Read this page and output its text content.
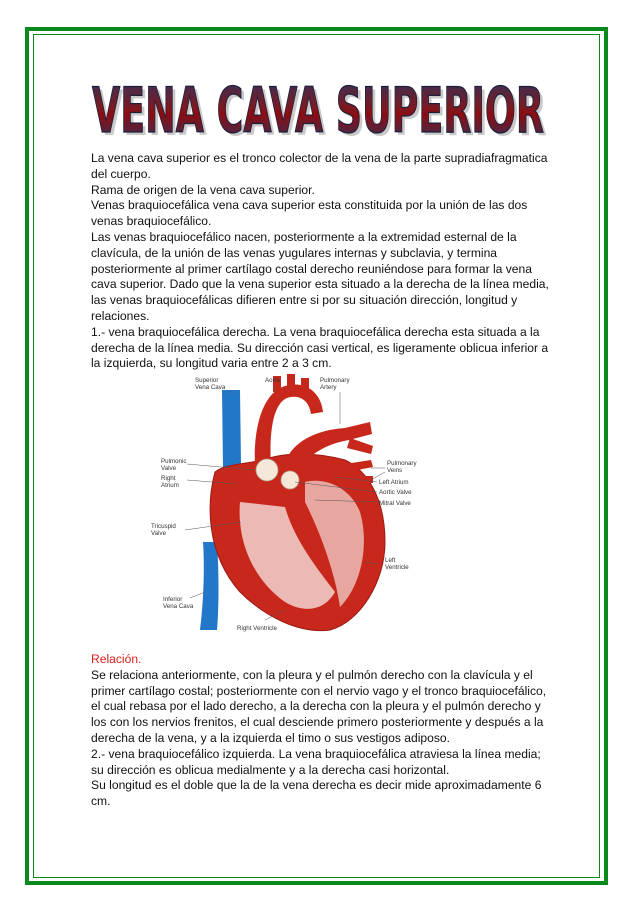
VENA CAVA SUPERIOR
VENA CAVA SUPERIOR

La vena cava superior es el tronco colector de la vena de la parte supradiafragmatica del cuerpo.

Rama de origen de la vena cava superior.

Venas braquiocefálica vena cava superior esta constituida por la unión de las dos venas braquiocefálico.

Las venas braquiocefálico nacen, posteriormente a la extremidad esternal de la clavícula, de la unión de las venas yugulares internas y subclavia, y termina posteriormente al primer cartílago costal derecho reuniéndose para formar la vena cava superior. Dado que la vena superior esta situado a la derecha de la línea media, las venas braquiocefálicas difieren entre si por su situación dirección, longitud y relaciones.

1.- vena braquiocefálica derecha. La vena braquiocefálica derecha esta situada a la derecha de la línea media. Su dirección casi vertical, es ligeramente oblicua inferior a la izquierda, su longitud varia entre 2 a 3 cm.

Superior
Vena Cava
Aorta	Pulmonary
Artery
Pulmonic
Valve
Right
Atrium
Pulmonary
Veins
Left Atrium
Aortic Valve
Mitral Valve
Tricuspid
Valve
Left
Ventricle
Inferior
Vena Cava
Right Ventricle

Relación.

Se relaciona anteriormente, con la pleura y el pulmón derecho con la clavícula y el primer cartílago costal; posteriormente con el nervio vago y el tronco braquiocefálico, el cual rebasa por el lado derecho, a la derecha con la pleura y el pulmón derecho y los con los nervios frenitos, el cual desciende primero posteriormente y después a la derecha de la vena, y a la izquierda el timo o sus vestigos adiposo.

2.- vena braquiocefálico izquierda. La vena braquiocefálica atraviesa la línea media; su dirección es oblicua medialmente y a la derecha casi horizontal.

Su longitud es el doble que la de la vena derecha es decir mide aproximadamente 6 cm.
